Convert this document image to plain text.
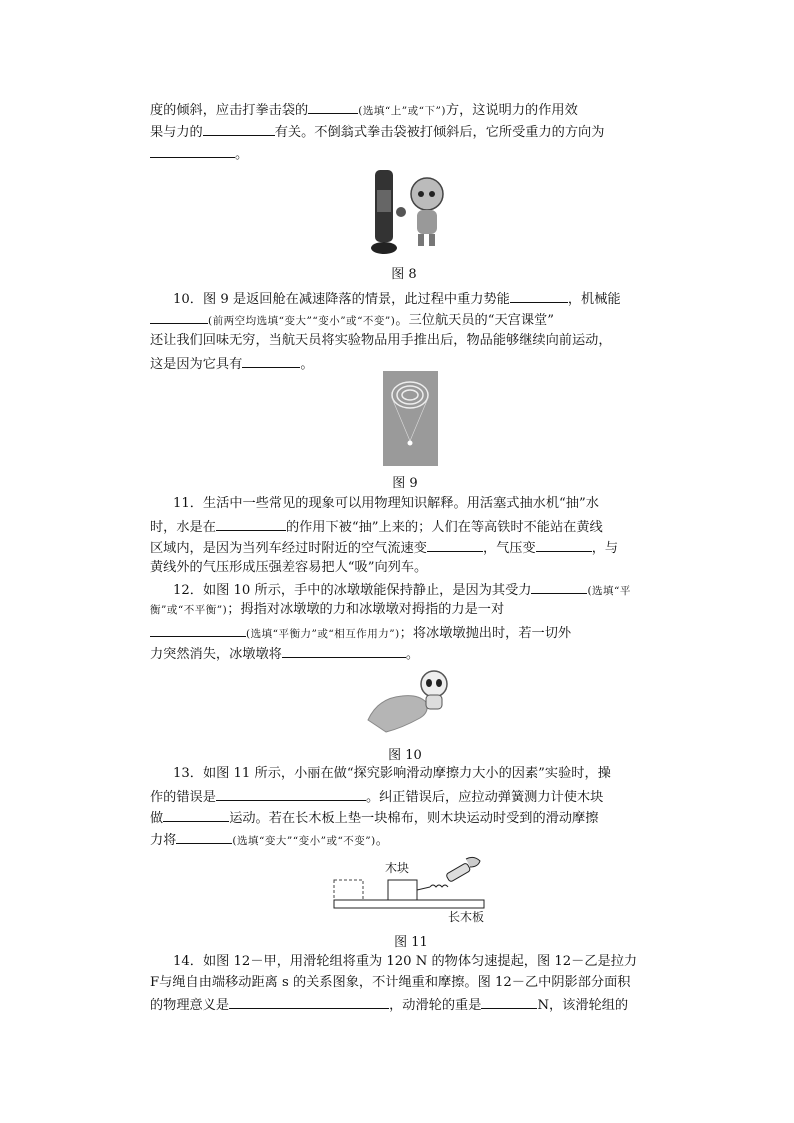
度的倾斜，应击打拳击袋的	(选填“上”或“下”)方，这说明力的作用效
果与力的	有关。不倒翁式拳击袋被打倾斜后，它所受重力的方向为
。
图 8
10．图 9 是返回舱在减速降落的情景，此过程中重力势能	，机械能
(前两空均选填“变大”“变小”或“不变”)。三位航天员的“天宫课堂”
还让我们回味无穷，当航天员将实验物品用手推出后，物品能够继续向前运动，
这是因为它具有	。
图 9
11．生活中一些常见的现象可以用物理知识解释。用活塞式抽水机“抽”水
时，水是在	的作用下被“抽”上来的；人们在等高铁时不能站在黄线
区域内，是因为当列车经过时附近的空气流速变	，气压变	，与
黄线外的气压形成压强差容易把人“吸”向列车。
12．如图 10 所示，手中的冰墩墩能保持静止，是因为其受力	(选填“平
衡”或“不平衡”)；拇指对冰墩墩的力和冰墩墩对拇指的力是一对
(选填“平衡力”或“相互作用力”)；将冰墩墩抛出时，若一切外
力突然消失，冰墩墩将	。
图 10
13．如图 11 所示，小丽在做“探究影响滑动摩擦力大小的因素”实验时，操
作的错误是	。纠正错误后，应拉动弹簧测力计使木块
做	运动。若在长木板上垫一块棉布，则木块运动时受到的滑动摩擦
力将	(选填“变大”“变小”或“不变”)。
木块
长木板
图 11
14．如图 12－甲，用滑轮组将重为 120 N 的物体匀速提起，图 12－乙是拉力
F与绳自由端移动距离 s 的关系图象，不计绳重和摩擦。图 12－乙中阴影部分面积
的物理意义是	，动滑轮的重是	N，该滑轮组的
